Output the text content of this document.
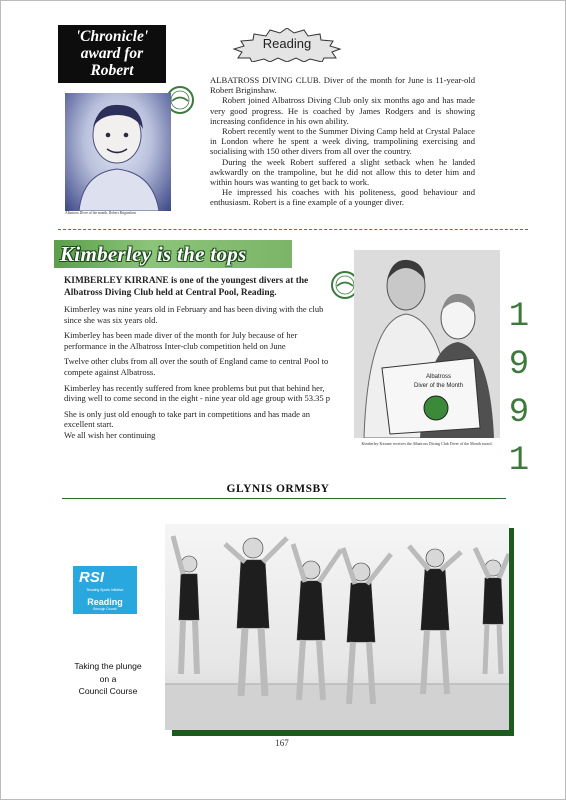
'Chronicle'
award for
Robert
Reading
Albatross Diver of the month, Robert Briginshaw

ALBATROSS DIVING CLUB. Diver of the month for June is 11-year-old Robert Briginshaw.

Robert joined Albatross Diving Club only six months ago and has made very good progress. He is coached by James Rodgers and is showing increasing confidence in his own ability.

Robert recently went to the Summer Diving Camp held at Crystal Palace in London where he spent a week diving, trampolining exercising and socialising with 150 other divers from all over the country.

During the week Robert suffered a slight setback when he landed awkwardly on the trampoline, but he did not allow this to deter him and within hours was wanting to get back to work.

He impressed his coaches with his politeness, good behaviour and enthusiasm. Robert is a fine example of a younger diver.

Kimberley is the tops

KIMBERLEY KIRRANE is one of the youngest divers at the Albatross Diving Club held at Central Pool, Reading.

Kimberley was nine years old in February and has been diving with the club since she was six years old.

Kimberley has been made diver of the month for July because of her performance in the Albatross Inter-club competition held on June

Twelve other clubs from all over the south of England came to central Pool to compete against Albatross.

Kimberley has recently suffered from knee problems but put that behind her, diving well to come second in the eight - nine year old age group with 53.35 p

She is only just old enough to take part in competitions and has made an excellent start.

We all wish her continuing

Albatross
Diver of the Month
Kimberley Kirrane receives the Albatross Diving Club Diver of the Month award.
1
9
9
1
GLYNIS ORMSBY
RSI
Reading Sports Initiative
Reading
Borough Council
Taking the plunge
on a
Council Course
167
